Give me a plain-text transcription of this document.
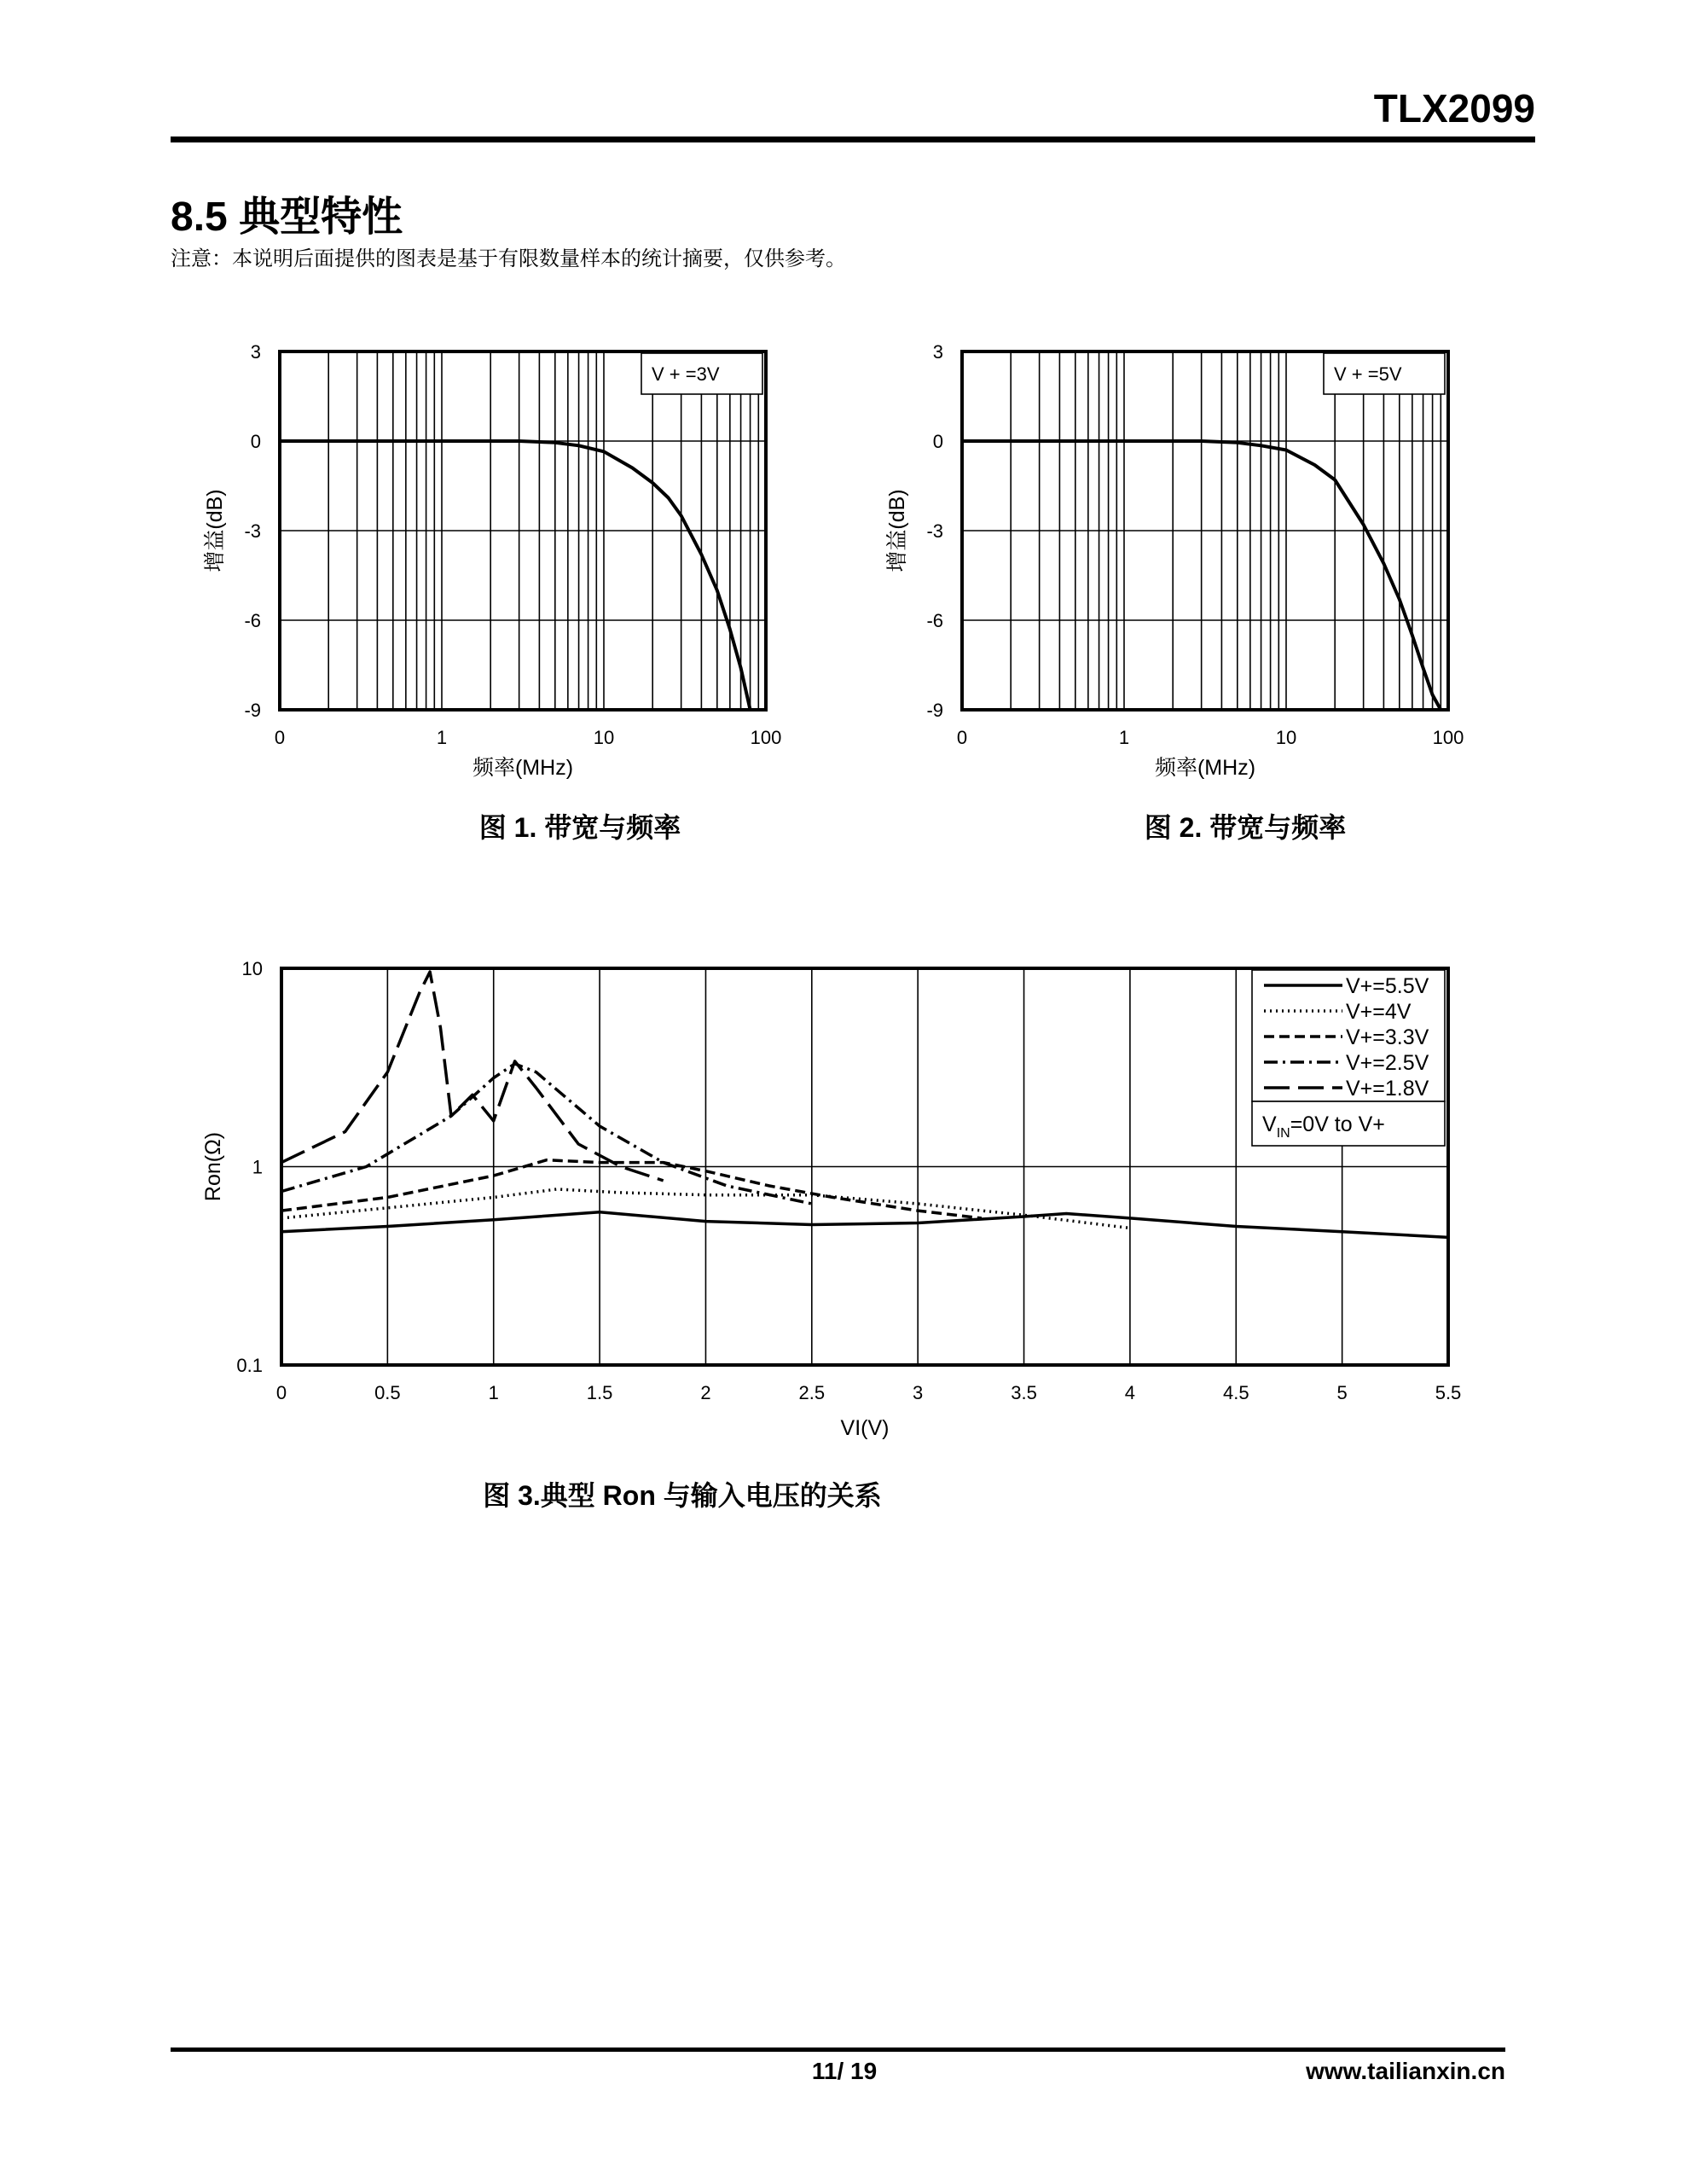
TLX2099
8.5 典型特性
注意：本说明后面提供的图表是基于有限数量样本的统计摘要，仅供参考。
3
0
-3
-6
-9
0	1	10	100
频率(MHz)
增益(dB)
V + =3V
3
0
-3
-6
-9
0	1	10	100
频率(MHz)
增益(dB)
V + =5V
图 1. 带宽与频率	图 2. 带宽与频率
10
1
0.1
0	0.5	1	1.5	2	2.5	3	3.5	4	4.5	5	5.5
VI(V)
Ron(Ω)
V+=5.5V
V+=4V
V+=3.3V
V+=2.5V
V+=1.8V
$V_{IN}=0V$ to V+
图 3.典型 Ron 与输入电压的关系
11/ 19	www.tailianxin.cn
